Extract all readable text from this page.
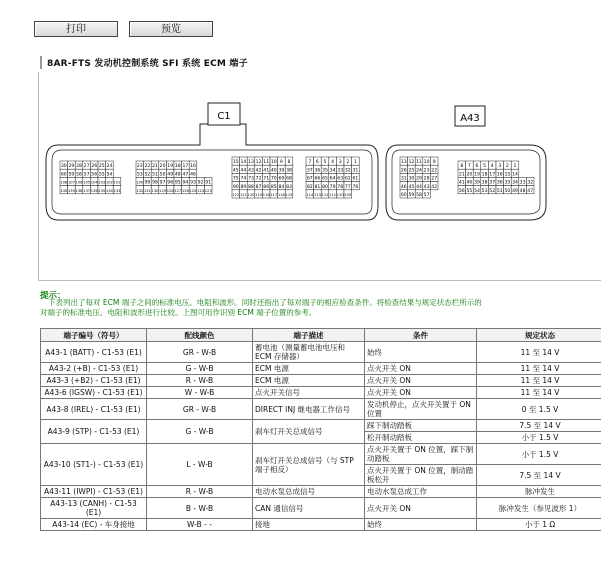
打印	预览
8AR-FTS 发动机控制系统 SFI 系统 ECM 端子
C1	A43
30 29 28 27 26 25 24
60 59 58 57 56 55 54
108 107 106 105 104 103 102 101
140 139 138 137 136 135 134 133
23 22 21 20 19 18 17 16
53 52 51 50 49 48 47 46
100 99 98 97 96 95 94 93 92 91
132 131 130 129 128 127 126 125 124 123
15 14 13 12 11 10 9 8
45 44 43 42 41 40 39 38
75 74 73 72 71 70 69 68
90 89 88 87 86 85 84 83
122 121 120 119 118 117 116 115
7 6 5 4 3 2 1
37 36 35 34 33 32 31
67 66 65 64 63 62 61
82 81 80 79 78 77 76
114 113 112 111 110 109
13 12 11 10 9
26 25 24 23 22
31 30 29 28 27
46 45 44 43 42
60 59 58 57
8 7 6 5 4 3 2 1
21 20 19 18 17 16 15 14
41 40 39 38 37 36 35 34 33 32
56 55 54 53 52 51 50 49 48 47
提示：
下表列出了每对 ECM 端子之间的标准电压、电阻和波形。同时还指出了每对端子的相应检查条件。将检查结果与规定状态栏所示的
对端子的标准电压、电阻和波形进行比较。上图可用作识别 ECM 端子位置的参考。
端子编号（符号）	配线颜色	端子描述	条件	规定状态
A43-1 (BATT) - C1-53 (E1)	GR - W-B	蓄电池（测量蓄电池电压和 ECM 存储器）	始终	11 至 14 V
A43-2 (+B) - C1-53 (E1)	G - W-B	ECM 电源	点火开关 ON	11 至 14 V
A43-3 (+B2) - C1-53 (E1)	R - W-B	ECM 电源	点火开关 ON	11 至 14 V
A43-6 (IGSW) - C1-53 (E1)	W - W-B	点火开关信号	点火开关 ON	11 至 14 V
A43-8 (IREL) - C1-53 (E1)	GR - W-B	DIRECT INJ 继电器工作信号	发动机停止，点火开关置于 ON 位置	0 至 1.5 V
A43-9 (STP) - C1-53 (E1)	G - W-B	刹车灯开关总成信号	踩下制动踏板	7.5 至 14 V
			松开制动踏板	小于 1.5 V
A43-10 (ST1-) - C1-53 (E1)	L - W-B	刹车灯开关总成信号（与 STP 端子相反）	点火开关置于 ON 位置，踩下制动踏板	小于 1.5 V
			点火开关置于 ON 位置，制动踏板松开	7.5 至 14 V
A43-11 (IWPI) - C1-53 (E1)	R - W-B	电动水泵总成信号	电动水泵总成工作	脉冲发生
A43-13 (CANH) - C1-53 (E1)	B - W-B	CAN 通信信号	点火开关 ON	脉冲发生（参见波形 1）
A43-14 (EC) - 车身接地	W-B - -	接地	始终	小于 1 Ω
